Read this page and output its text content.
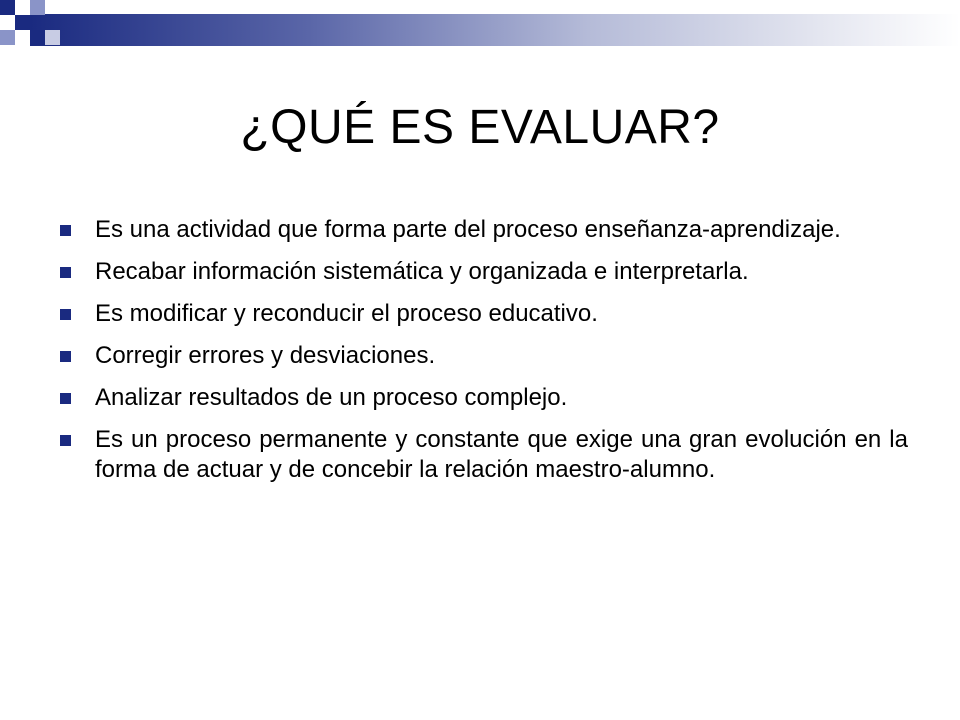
¿QUÉ ES EVALUAR?
Es una actividad que forma parte del proceso enseñanza-aprendizaje.
Recabar información sistemática y organizada e interpretarla.
Es modificar y reconducir el proceso educativo.
Corregir errores y desviaciones.
Analizar resultados de un proceso complejo.
Es un proceso permanente y constante que exige una gran evolución en la forma de actuar y de concebir la relación maestro-alumno.
